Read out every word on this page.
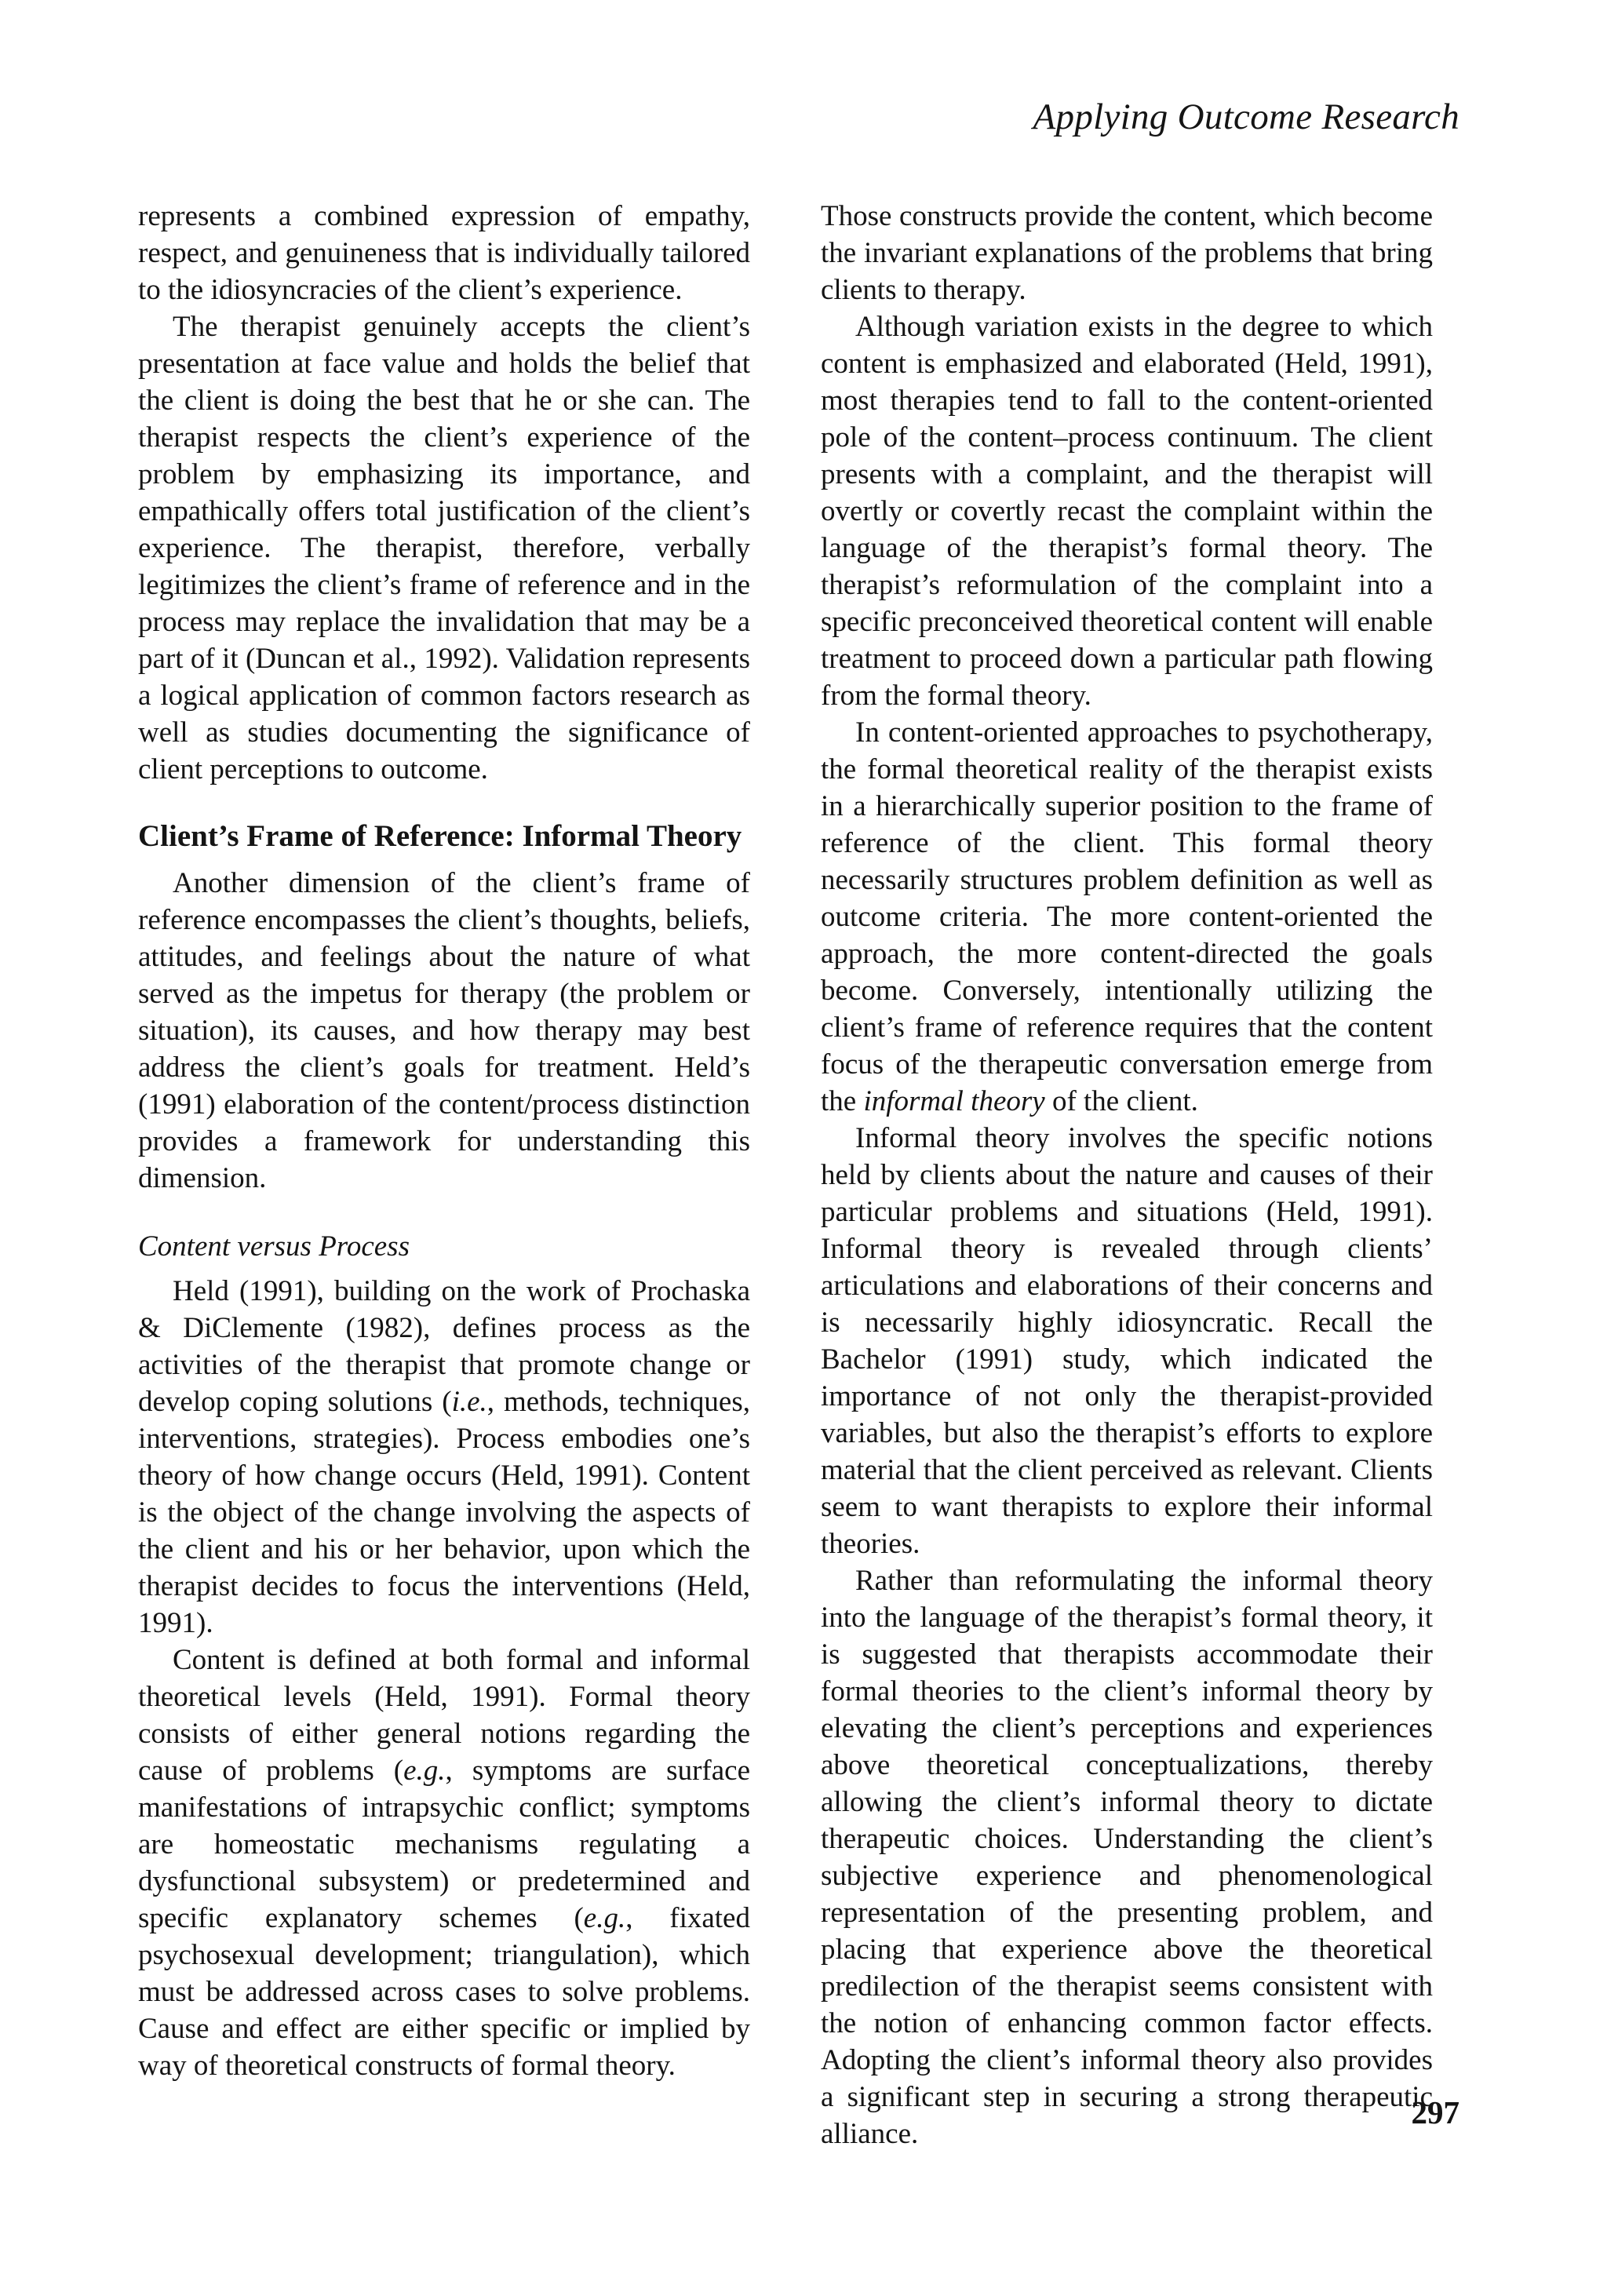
Applying Outcome Research

represents a combined expression of empathy, respect, and genuineness that is individually tailored to the idiosyncracies of the client’s experience.

The therapist genuinely accepts the client’s presentation at face value and holds the belief that the client is doing the best that he or she can. The therapist respects the client’s experience of the problem by emphasizing its importance, and empathically offers total justification of the client’s experience. The therapist, therefore, verbally legitimizes the client’s frame of reference and in the process may replace the invalidation that may be a part of it (Duncan et al., 1992). Validation represents a logical application of common factors research as well as studies documenting the significance of client perceptions to outcome.

Client’s Frame of Reference: Informal Theory

Another dimension of the client’s frame of reference encompasses the client’s thoughts, beliefs, attitudes, and feelings about the nature of what served as the impetus for therapy (the problem or situation), its causes, and how therapy may best address the client’s goals for treatment. Held’s (1991) elaboration of the content/process distinction provides a framework for understanding this dimension.

Content versus Process

Held (1991), building on the work of Prochaska & DiClemente (1982), defines process as the activities of the therapist that promote change or develop coping solutions (i.e., methods, techniques, interventions, strategies). Process embodies one’s theory of how change occurs (Held, 1991). Content is the object of the change involving the aspects of the client and his or her behavior, upon which the therapist decides to focus the interventions (Held, 1991).

Content is defined at both formal and informal theoretical levels (Held, 1991). Formal theory consists of either general notions regarding the cause of problems (e.g., symptoms are surface manifestations of intrapsychic conflict; symptoms are homeostatic mechanisms regulating a dysfunctional subsystem) or predetermined and specific explanatory schemes (e.g., fixated psychosexual development; triangulation), which must be addressed across cases to solve problems. Cause and effect are either specific or implied by way of theoretical constructs of formal theory.

Those constructs provide the content, which become the invariant explanations of the problems that bring clients to therapy.

Although variation exists in the degree to which content is emphasized and elaborated (Held, 1991), most therapies tend to fall to the content-oriented pole of the content–process continuum. The client presents with a complaint, and the therapist will overtly or covertly recast the complaint within the language of the therapist’s formal theory. The therapist’s reformulation of the complaint into a specific preconceived theoretical content will enable treatment to proceed down a particular path flowing from the formal theory.

In content-oriented approaches to psychotherapy, the formal theoretical reality of the therapist exists in a hierarchically superior position to the frame of reference of the client. This formal theory necessarily structures problem definition as well as outcome criteria. The more content-oriented the approach, the more content-directed the goals become. Conversely, intentionally utilizing the client’s frame of reference requires that the content focus of the therapeutic conversation emerge from the informal theory of the client.

Informal theory involves the specific notions held by clients about the nature and causes of their particular problems and situations (Held, 1991). Informal theory is revealed through clients’ articulations and elaborations of their concerns and is necessarily highly idiosyncratic. Recall the Bachelor (1991) study, which indicated the importance of not only the therapist-provided variables, but also the therapist’s efforts to explore material that the client perceived as relevant. Clients seem to want therapists to explore their informal theories.

Rather than reformulating the informal theory into the language of the therapist’s formal theory, it is suggested that therapists accommodate their formal theories to the client’s informal theory by elevating the client’s perceptions and experiences above theoretical conceptualizations, thereby allowing the client’s informal theory to dictate therapeutic choices. Understanding the client’s subjective experience and phenomenological representation of the presenting problem, and placing that experience above the theoretical predilection of the therapist seems consistent with the notion of enhancing common factor effects. Adopting the client’s informal theory also provides a significant step in securing a strong therapeutic alliance.

297
